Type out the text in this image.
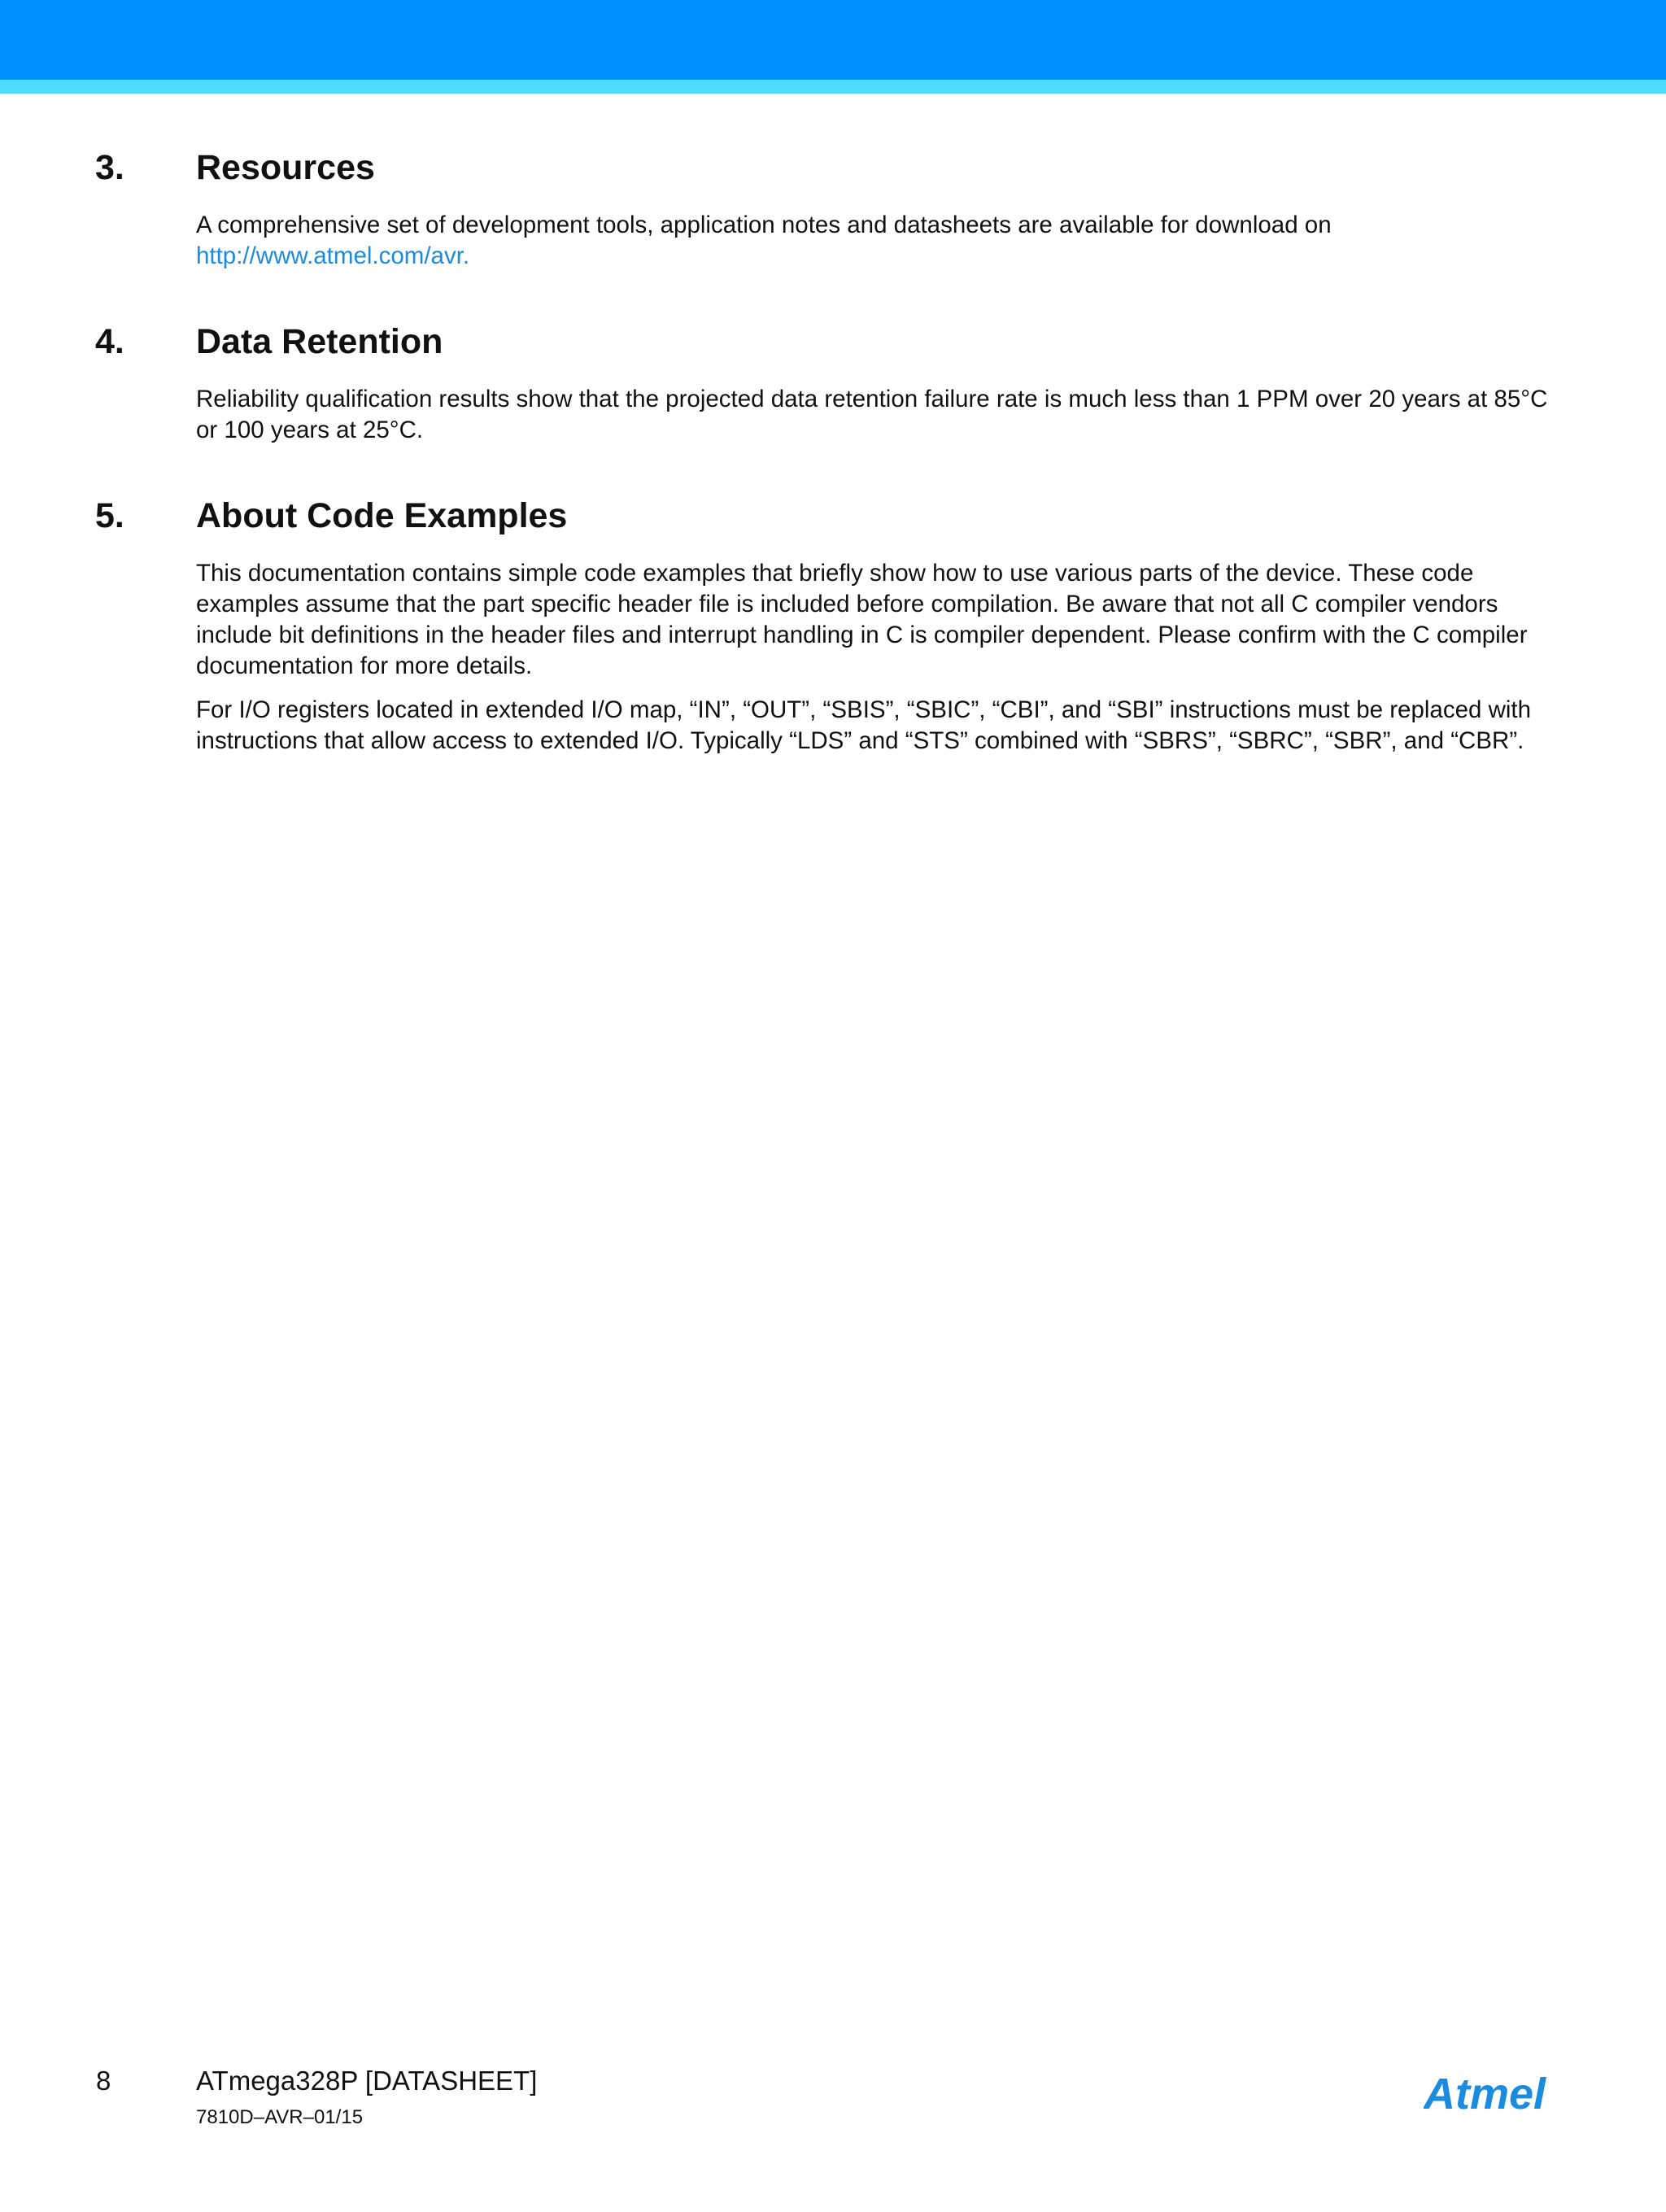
3. Resources

A comprehensive set of development tools, application notes and datasheets are available for download on
http://www.atmel.com/avr.

4. Data Retention

Reliability qualification results show that the projected data retention failure rate is much less than 1 PPM over 20 years at 85°C or 100 years at 25°C.

5. About Code Examples

This documentation contains simple code examples that briefly show how to use various parts of the device. These code examples assume that the part specific header file is included before compilation. Be aware that not all C compiler vendors include bit definitions in the header files and interrupt handling in C is compiler dependent. Please confirm with the C compiler documentation for more details.

For I/O registers located in extended I/O map, “IN”, “OUT”, “SBIS”, “SBIC”, “CBI”, and “SBI” instructions must be replaced with instructions that allow access to extended I/O. Typically “LDS” and “STS” combined with “SBRS”, “SBRC”, “SBR”, and “CBR”.

8	ATmega328P [DATASHEET]
7810D–AVR–01/15	Atmel
